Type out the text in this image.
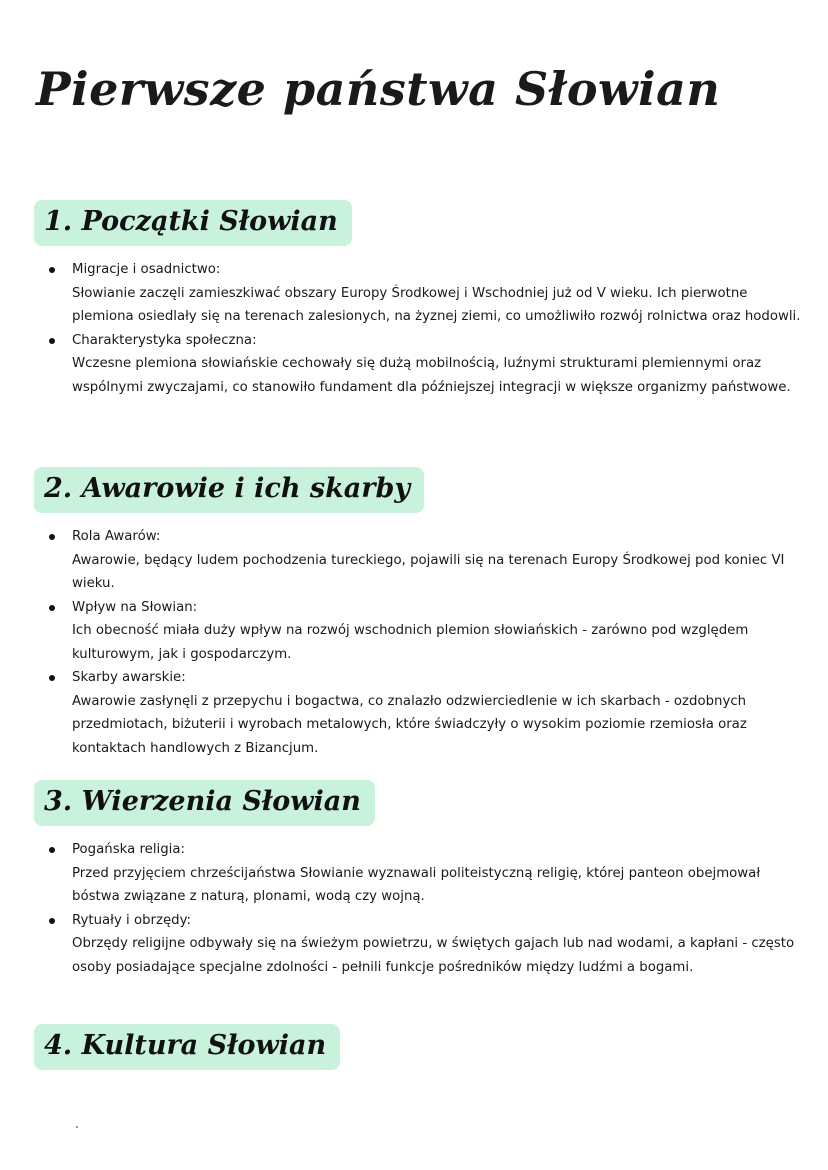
Pierwsze państwa Słowian
1. Początki Słowian
Migracje i osadnictwo:
Słowianie zaczęli zamieszkiwać obszary Europy Środkowej i Wschodniej już od V wieku. Ich pierwotne plemiona osiedlały się na terenach zalesionych, na żyznej ziemi, co umożliwiło rozwój rolnictwa oraz hodowli.
Charakterystyka społeczna:
Wczesne plemiona słowiańskie cechowały się dużą mobilnością, luźnymi strukturami plemiennymi oraz wspólnymi zwyczajami, co stanowiło fundament dla późniejszej integracji w większe organizmy państwowe.
2. Awarowie i ich skarby
Rola Awarów:
Awarowie, będący ludem pochodzenia tureckiego, pojawili się na terenach Europy Środkowej pod koniec VI wieku.
Wpływ na Słowian:
Ich obecność miała duży wpływ na rozwój wschodnich plemion słowiańskich - zarówno pod względem kulturowym, jak i gospodarczym.
Skarby awarskie:
Awarowie zasłynęli z przepychu i bogactwa, co znalazło odzwierciedlenie w ich skarbach - ozdobnych przedmiotach, biżuterii i wyrobach metalowych, które świadczyły o wysokim poziomie rzemiosła oraz kontaktach handlowych z Bizancjum.
3. Wierzenia Słowian
Pogańska religia:
Przed przyjęciem chrześcijaństwa Słowianie wyznawali politeistyczną religię, której panteon obejmował bóstwa związane z naturą, plonami, wodą czy wojną.
Rytuały i obrzędy:
Obrzędy religijne odbywały się na świeżym powietrzu, w świętych gajach lub nad wodami, a kapłani - często osoby posiadające specjalne zdolności - pełnili funkcje pośredników między ludźmi a bogami.
4. Kultura Słowian
